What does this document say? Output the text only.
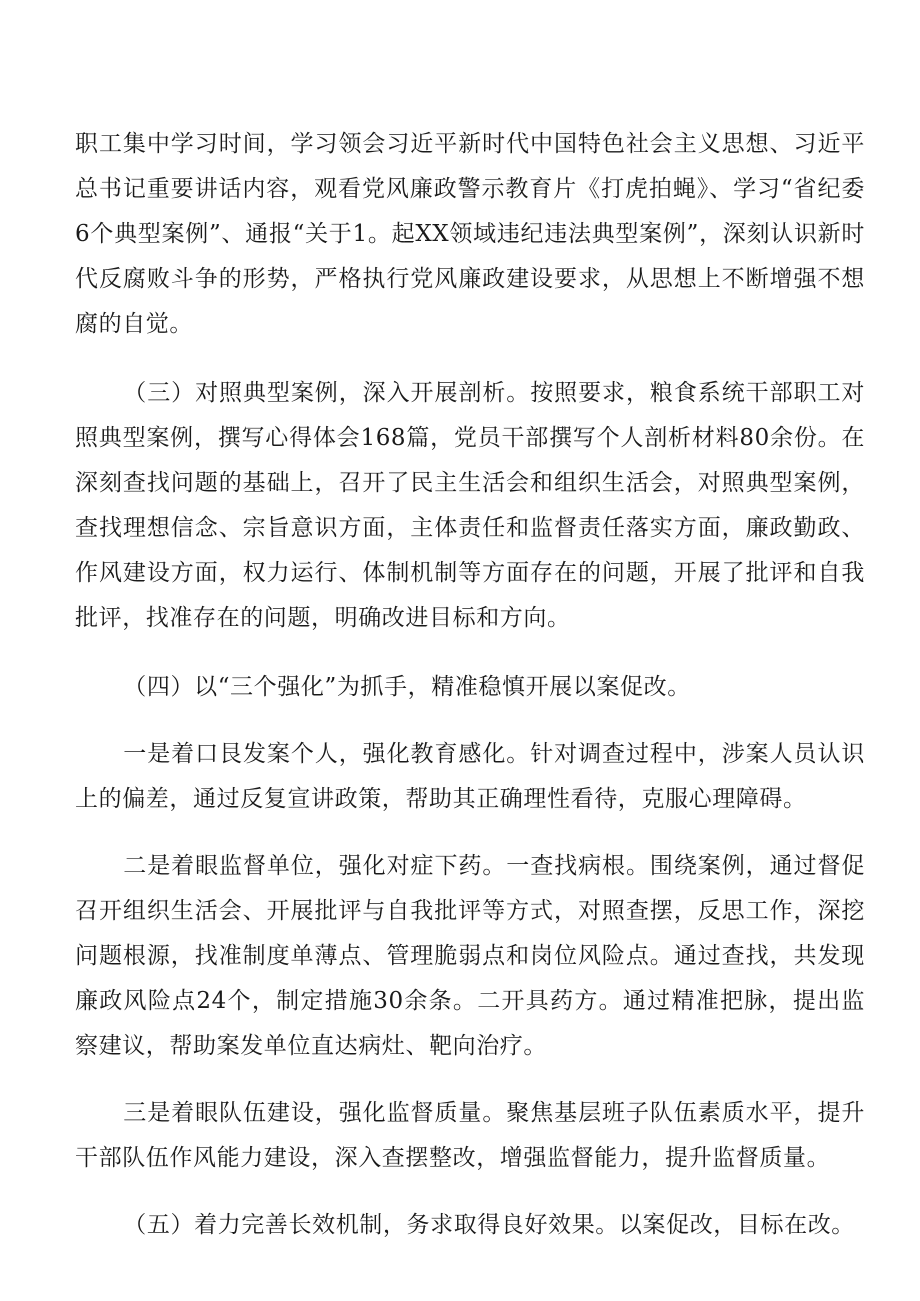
职工集中学习时间，学习领会习近平新时代中国特色社会主义思想、习近平总书记重要讲话内容，观看党风廉政警示教育片《打虎拍蝇》、学习“省纪委6个典型案例”、通报“关于1。起XX领域违纪违法典型案例”，深刻认识新时代反腐败斗争的形势，严格执行党风廉政建设要求，从思想上不断增强不想腐的自觉。

（三）对照典型案例，深入开展剖析。按照要求，粮食系统干部职工对照典型案例，撰写心得体会168篇，党员干部撰写个人剖析材料80余份。在深刻查找问题的基础上，召开了民主生活会和组织生活会，对照典型案例，查找理想信念、宗旨意识方面，主体责任和监督责任落实方面，廉政勤政、作风建设方面，权力运行、体制机制等方面存在的问题，开展了批评和自我批评，找准存在的问题，明确改进目标和方向。

（四）以“三个强化”为抓手，精准稳慎开展以案促改。

一是着口艮发案个人，强化教育感化。针对调查过程中，涉案人员认识上的偏差，通过反复宣讲政策，帮助其正确理性看待，克服心理障碍。

二是着眼监督单位，强化对症下药。一查找病根。围绕案例，通过督促召开组织生活会、开展批评与自我批评等方式，对照查摆，反思工作，深挖问题根源，找准制度单薄点、管理脆弱点和岗位风险点。通过查找，共发现廉政风险点24个，制定措施30余条。二开具药方。通过精准把脉，提出监察建议，帮助案发单位直达病灶、靶向治疗。

三是着眼队伍建设，强化监督质量。聚焦基层班子队伍素质水平，提升干部队伍作风能力建设，深入查摆整改，增强监督能力，提升监督质量。

（五）着力完善长效机制，务求取得良好效果。以案促改，目标在改。
